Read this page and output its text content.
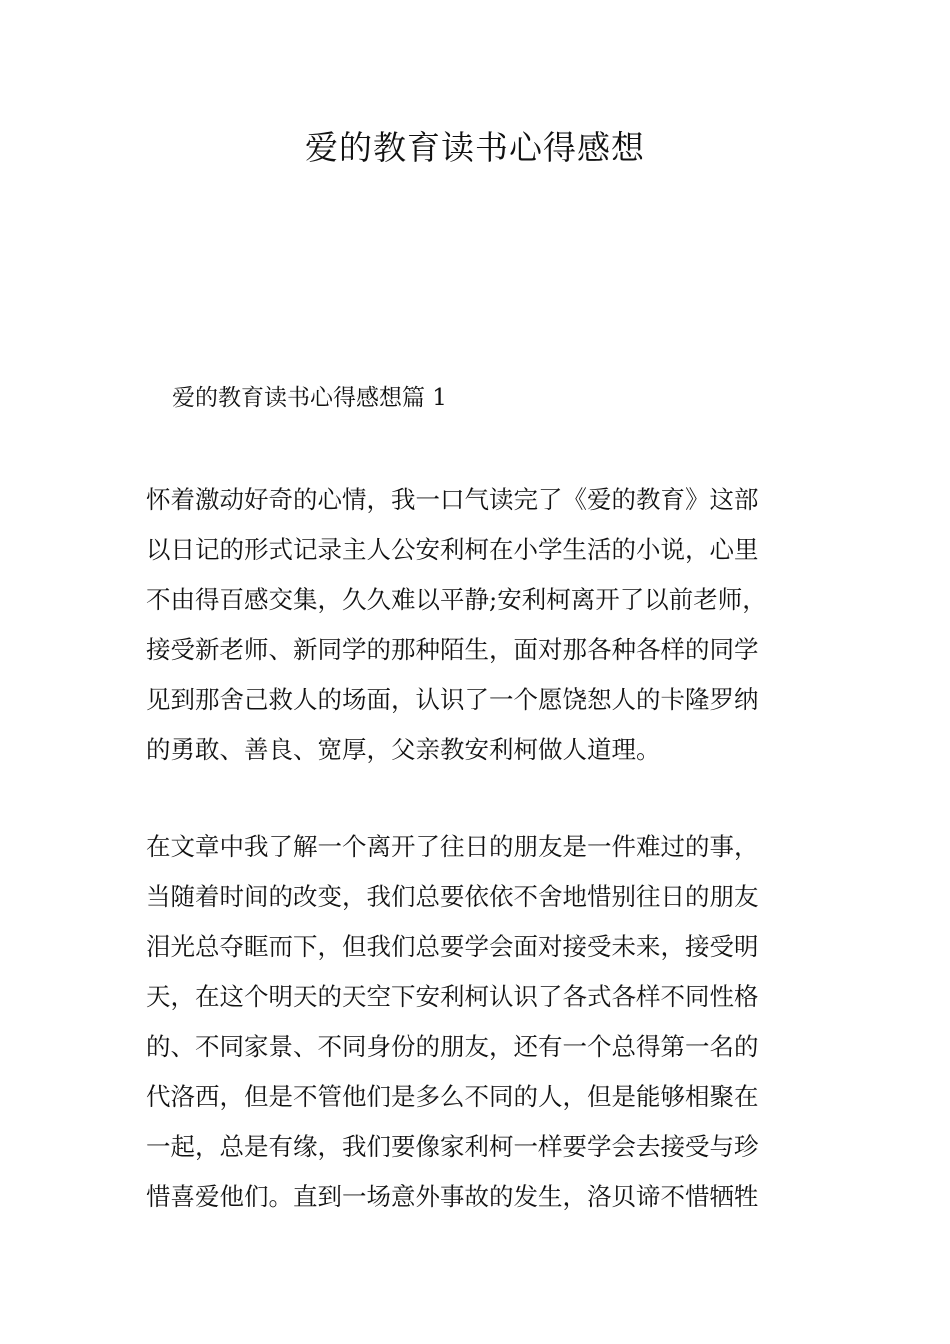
爱的教育读书心得感想
爱的教育读书心得感想篇 1
怀着激动好奇的心情，我一口气读完了《爱的教育》这部
以日记的形式记录主人公安利柯在小学生活的小说，心里
不由得百感交集，久久难以平静;安利柯离开了以前老师，
接受新老师、新同学的那种陌生，面对那各种各样的同学
见到那舍己救人的场面，认识了一个愿饶恕人的卡隆罗纳
的勇敢、善良、宽厚，父亲教安利柯做人道理。
在文章中我了解一个离开了往日的朋友是一件难过的事，
当随着时间的改变，我们总要依依不舍地惜别往日的朋友
泪光总夺眶而下，但我们总要学会面对接受未来，接受明
天，在这个明天的天空下安利柯认识了各式各样不同性格
的、不同家景、不同身份的朋友，还有一个总得第一名的
代洛西，但是不管他们是多么不同的人，但是能够相聚在
一起，总是有缘，我们要像家利柯一样要学会去接受与珍
惜喜爱他们。直到一场意外事故的发生，洛贝谛不惜牺牲
